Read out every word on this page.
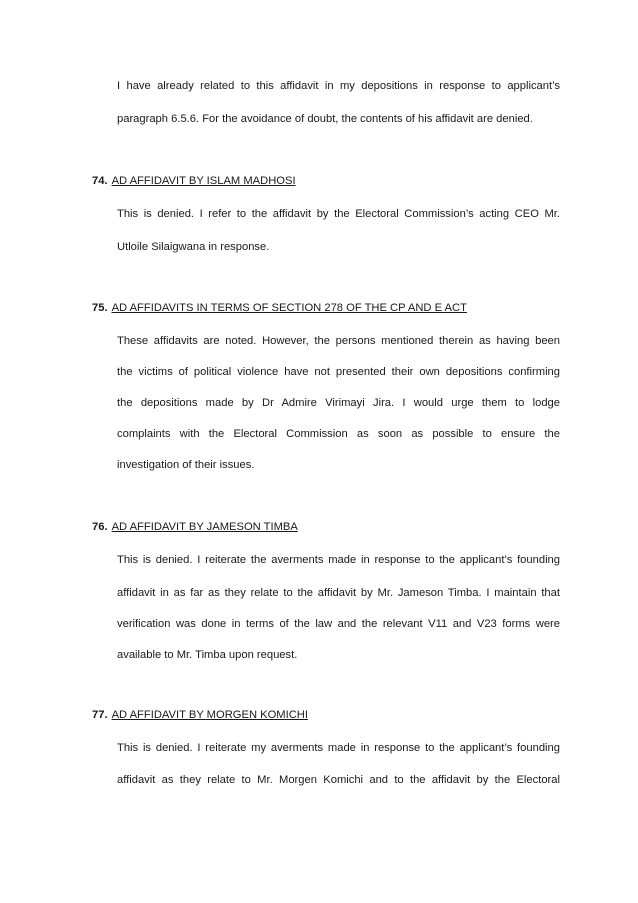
I have already related to this affidavit in my depositions in response to applicant’s
paragraph 6.5.6. For the avoidance of doubt, the contents of his affidavit are denied.
74. AD AFFIDAVIT BY ISLAM MADHOSI
This is denied. I refer to the affidavit by the Electoral Commission’s acting CEO Mr.
Utloile Silaigwana in response.
75. AD AFFIDAVITS IN TERMS OF SECTION 278 OF THE CP AND E ACT
These affidavits are noted. However, the persons mentioned therein as having been
the victims of political violence have not presented their own depositions confirming
the depositions made by Dr Admire Virimayi Jira. I would urge them to lodge
complaints with the Electoral Commission as soon as possible to ensure the
investigation of their issues.
76. AD AFFIDAVIT BY JAMESON TIMBA
This is denied. I reiterate the averments made in response to the applicant’s founding
affidavit in as far as they relate to the affidavit by Mr. Jameson Timba. I maintain that
verification was done in terms of the law and the relevant V11 and V23 forms were
available to Mr. Timba upon request.
77. AD AFFIDAVIT BY MORGEN KOMICHI
This is denied. I reiterate my averments made in response to the applicant’s founding
affidavit as they relate to Mr. Morgen Komichi and to the affidavit by the Electoral
